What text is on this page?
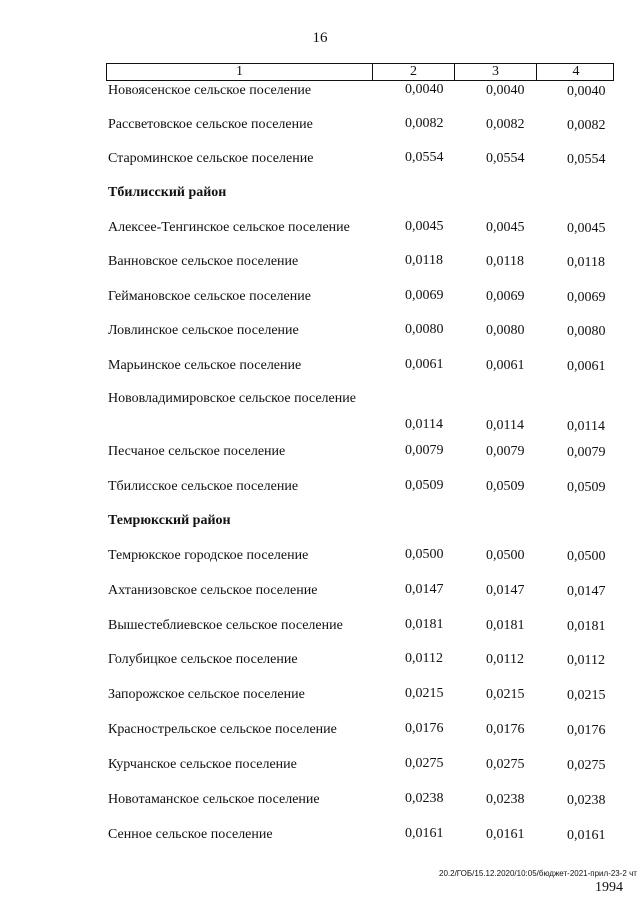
16
1	2	3	4
Новоясенское сельское поселение	0,0040	0,0040	0,0040
Рассветовское сельское поселение	0,0082	0,0082	0,0082
Староминское сельское поселение	0,0554	0,0554	0,0554
Тбилисский район
Алексее-Тенгинское сельское поселение	0,0045	0,0045	0,0045
Ванновское сельское поселение	0,0118	0,0118	0,0118
Геймановское сельское поселение	0,0069	0,0069	0,0069
Ловлинское сельское поселение	0,0080	0,0080	0,0080
Марьинское сельское поселение	0,0061	0,0061	0,0061
Нововладимировское сельское поселение
0,0114	0,0114	0,0114
Песчаное сельское поселение	0,0079	0,0079	0,0079
Тбилисское сельское поселение	0,0509	0,0509	0,0509
Темрюкский район
Темрюкское городское поселение	0,0500	0,0500	0,0500
Ахтанизовское сельское поселение	0,0147	0,0147	0,0147
Вышестеблиевское сельское поселение	0,0181	0,0181	0,0181
Голубицкое сельское поселение	0,0112	0,0112	0,0112
Запорожское сельское поселение	0,0215	0,0215	0,0215
Краснострельское сельское поселение	0,0176	0,0176	0,0176
Курчанское сельское поселение	0,0275	0,0275	0,0275
Новотаманское сельское поселение	0,0238	0,0238	0,0238
Сенное сельское поселение	0,0161	0,0161	0,0161
20.2/ГОБ/15.12.2020/10:05/бюджет-2021-прил-23-2 чт
1994
